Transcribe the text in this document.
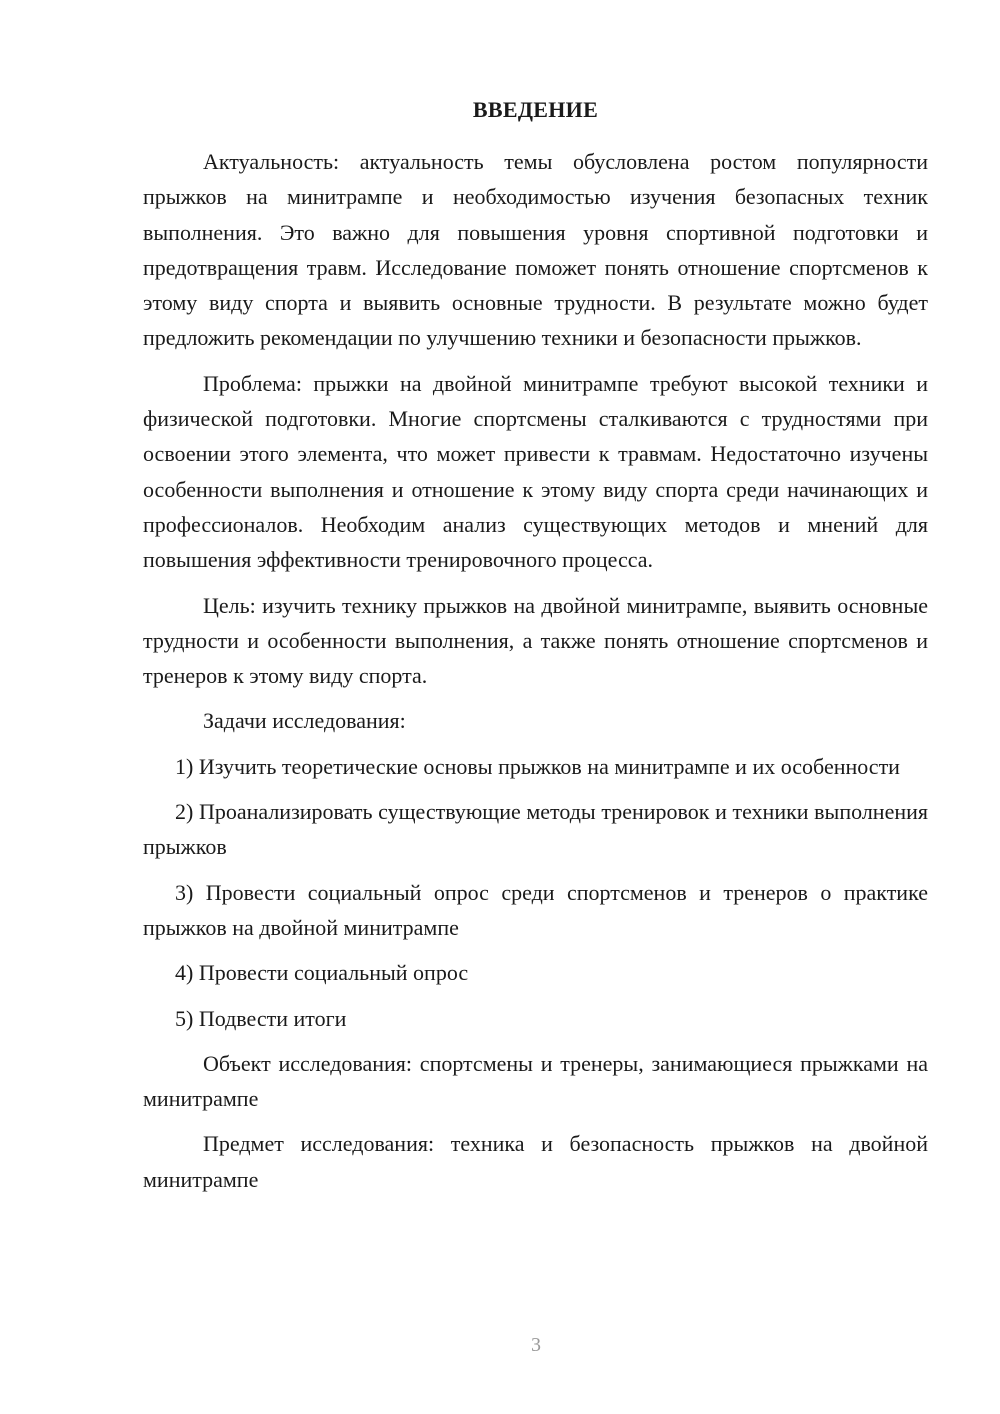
ВВЕДЕНИЕ

Актуальность: актуальность темы обусловлена ростом популярности прыжков на минитрампе и необходимостью изучения безопасных техник выполнения. Это важно для повышения уровня спортивной подготовки и предотвращения травм. Исследование поможет понять отношение спортсменов к этому виду спорта и выявить основные трудности. В результате можно будет предложить рекомендации по улучшению техники и безопасности прыжков.

Проблема: прыжки на двойной минитрампе требуют высокой техники и физической подготовки. Многие спортсмены сталкиваются с трудностями при освоении этого элемента, что может привести к травмам. Недостаточно изучены особенности выполнения и отношение к этому виду спорта среди начинающих и профессионалов. Необходим анализ существующих методов и мнений для повышения эффективности тренировочного процесса.

Цель: изучить технику прыжков на двойной минитрампе, выявить основные трудности и особенности выполнения, а также понять отношение спортсменов и тренеров к этому виду спорта.

Задачи исследования:

1) Изучить теоретические основы прыжков на минитрампе и их особенности

2) Проанализировать существующие методы тренировок и техники выполнения прыжков

3) Провести социальный опрос среди спортсменов и тренеров о практике прыжков на двойной минитрампе

4) Провести социальный опрос

5) Подвести итоги

Объект исследования: спортсмены и тренеры, занимающиеся прыжками на минитрампе

Предмет исследования: техника и безопасность прыжков на двойной минитрампе

3
